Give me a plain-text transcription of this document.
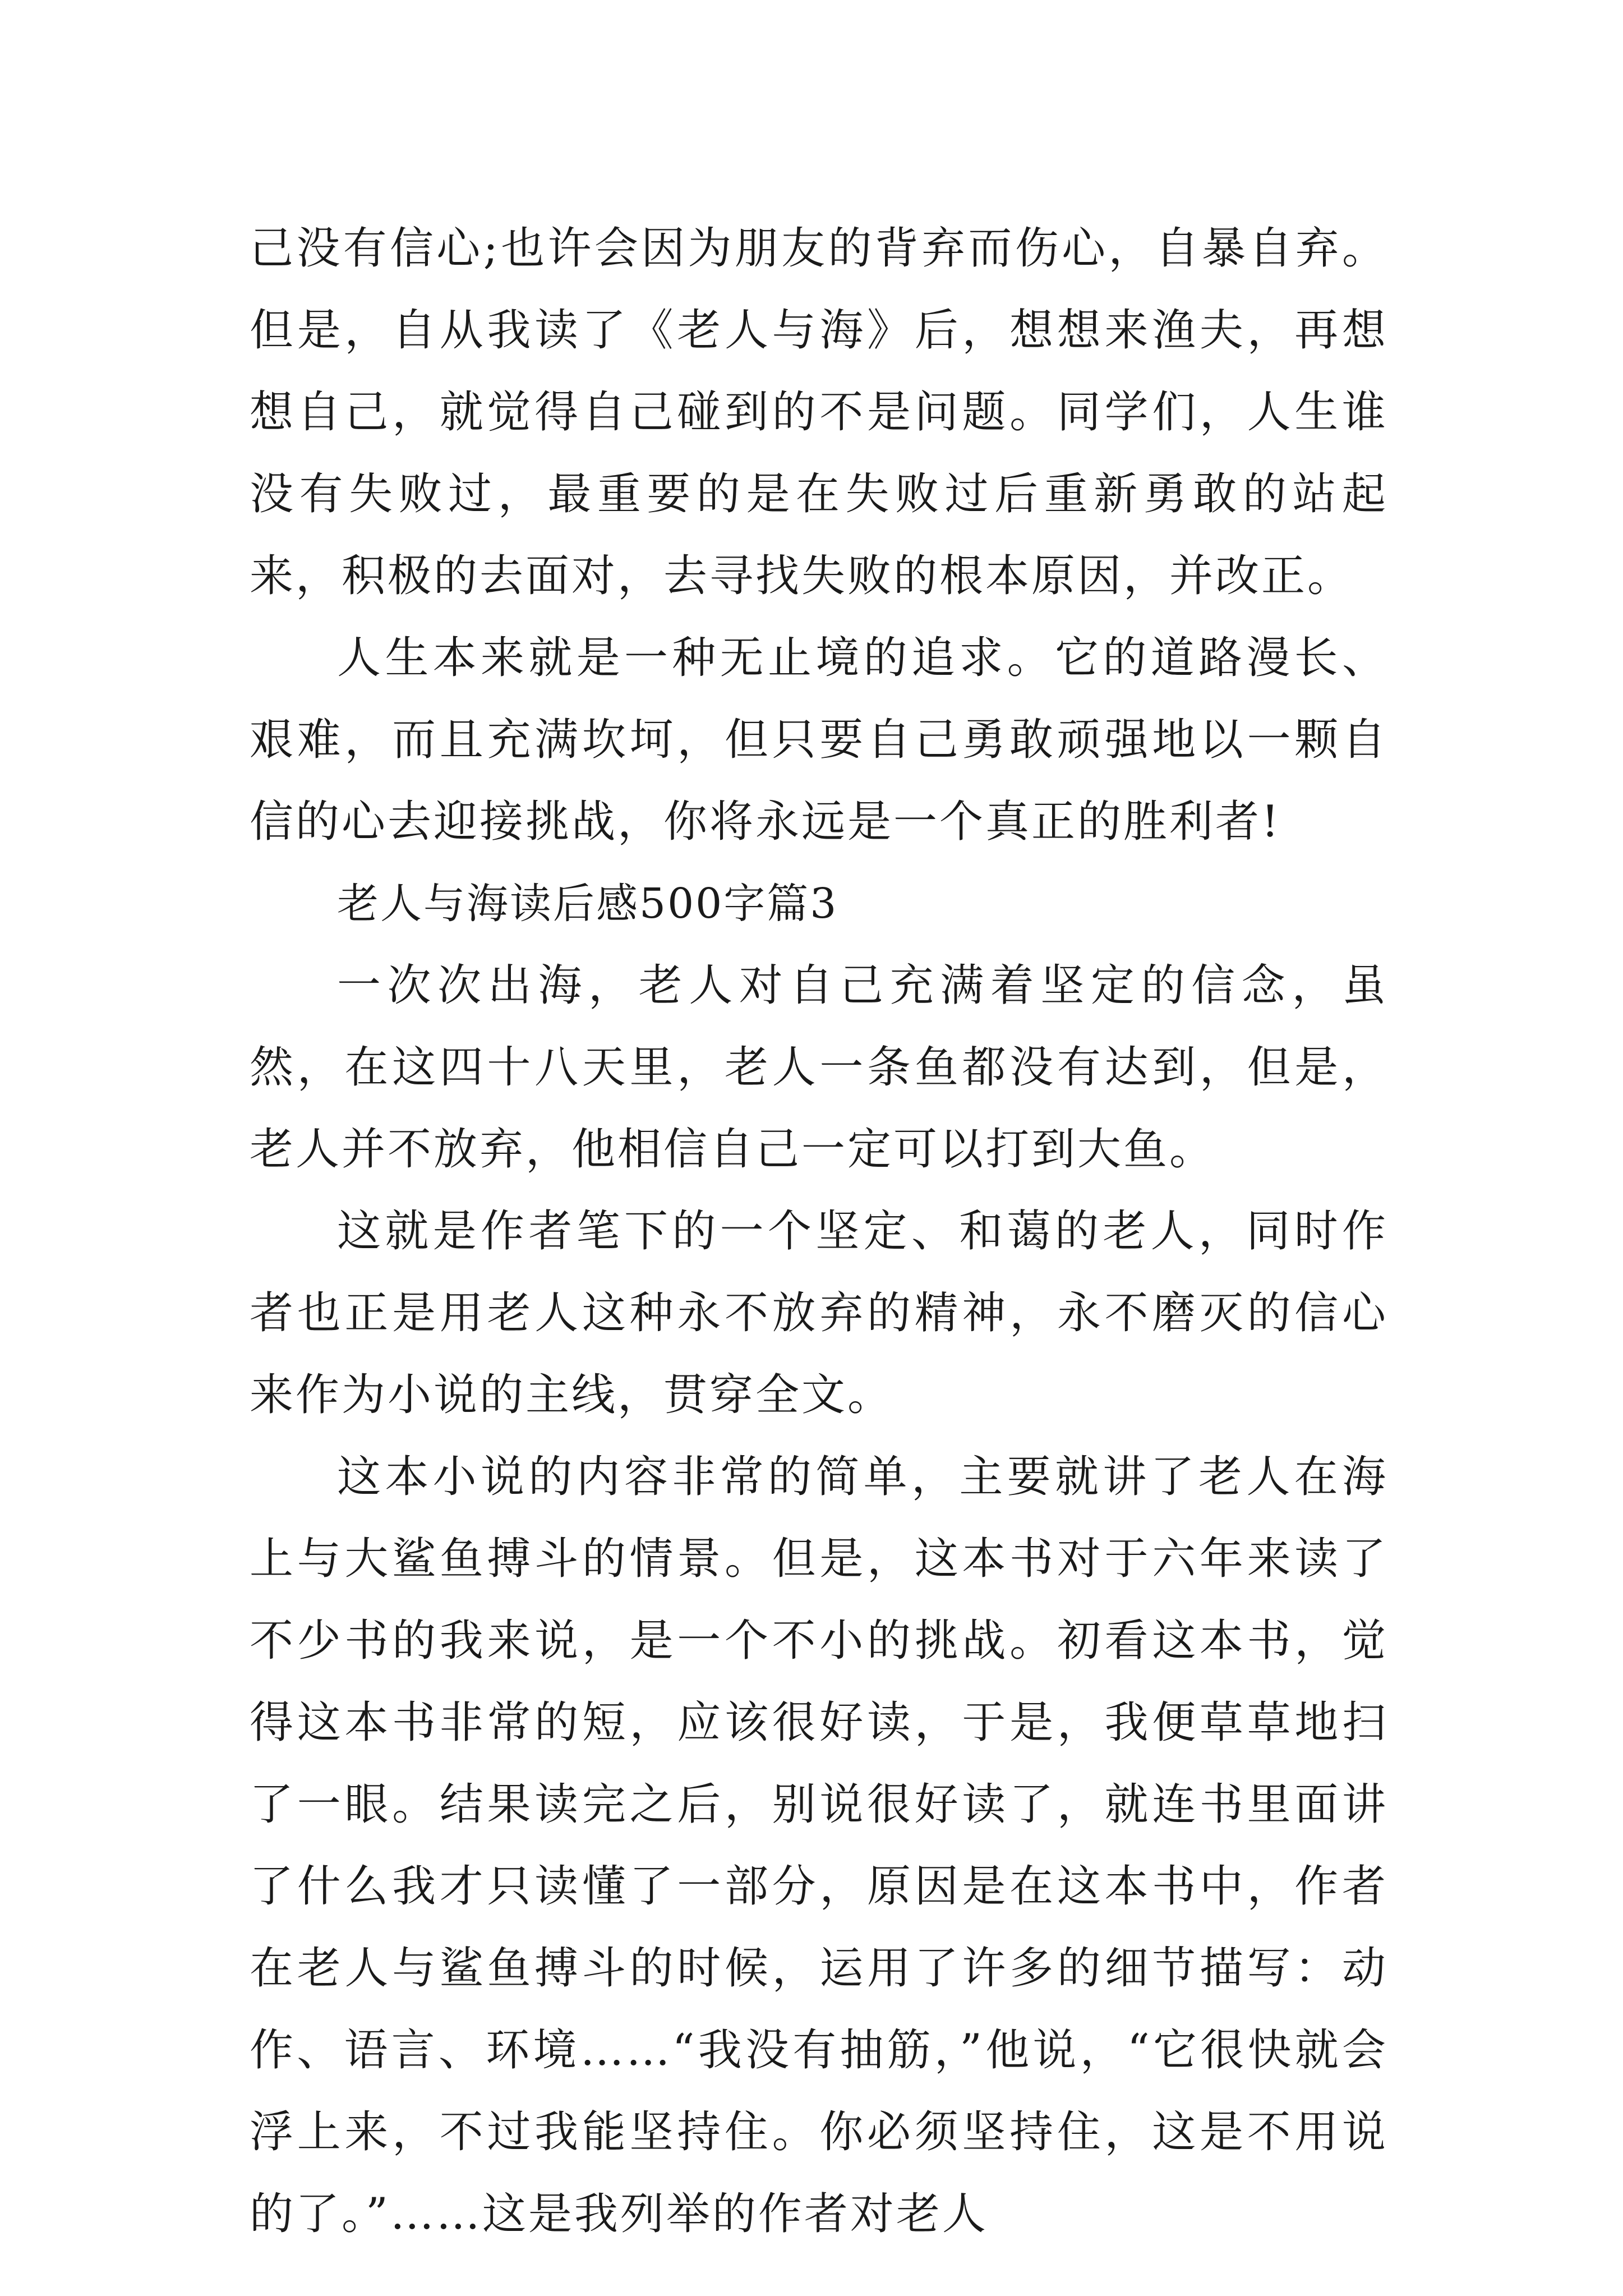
己没有信心;也许会因为朋友的背弃而伤心，自暴自弃。但是，自从我读了《老人与海》后，想想来渔夫，再想想自己，就觉得自己碰到的不是问题。同学们，人生谁没有失败过，最重要的是在失败过后重新勇敢的站起来，积极的去面对，去寻找失败的根本原因，并改正。

人生本来就是一种无止境的追求。它的道路漫长、艰难，而且充满坎坷，但只要自己勇敢顽强地以一颗自信的心去迎接挑战，你将永远是一个真正的胜利者!

老人与海读后感500字篇3

一次次出海，老人对自己充满着坚定的信念，虽然，在这四十八天里，老人一条鱼都没有达到，但是，老人并不放弃，他相信自己一定可以打到大鱼。

这就是作者笔下的一个坚定、和蔼的老人，同时作者也正是用老人这种永不放弃的精神，永不磨灭的信心来作为小说的主线，贯穿全文。

这本小说的内容非常的简单，主要就讲了老人在海上与大鲨鱼搏斗的情景。但是，这本书对于六年来读了不少书的我来说，是一个不小的挑战。初看这本书，觉得这本书非常的短，应该很好读，于是，我便草草地扫了一眼。结果读完之后，别说很好读了，就连书里面讲了什么我才只读懂了一部分，原因是在这本书中，作者在老人与鲨鱼搏斗的时候，运用了许多的细节描写：动作、语言、环境……“我没有抽筋，”他说，“它很快就会浮上来，不过我能坚持住。你必须坚持住，这是不用说的了。”……这是我列举的作者对老人
